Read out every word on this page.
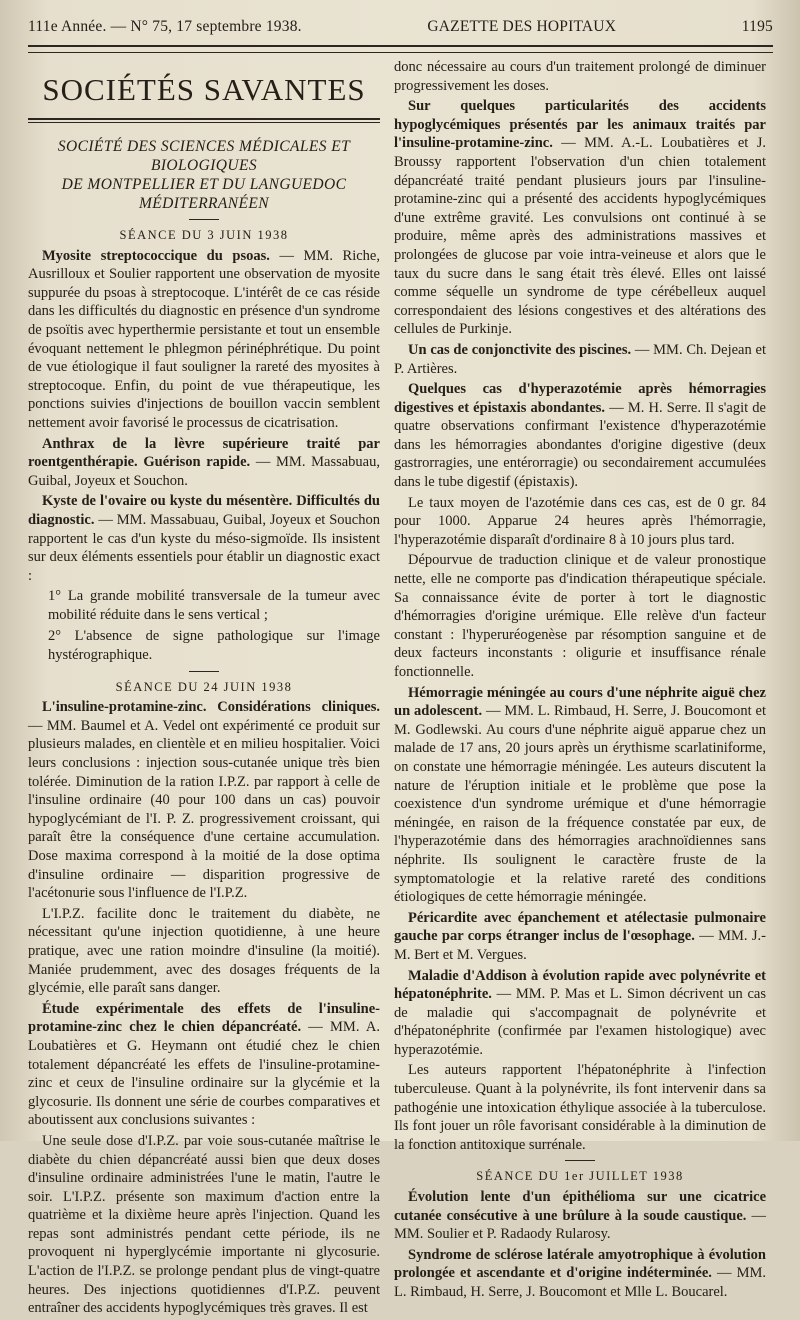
111e Année. — N° 75, 17 septembre 1938.	GAZETTE DES HOPITAUX	1195
SOCIÉTÉS SAVANTES
SOCIÉTÉ DES SCIENCES MÉDICALES ET BIOLOGIQUES
DE MONTPELLIER ET DU LANGUEDOC
MÉDITERRANÉEN

SÉANCE DU 3 JUIN 1938

Myosite streptococcique du psoas. — MM. Riche, Ausrilloux et Soulier rapportent une observation de myosite suppurée du psoas à streptocoque. L'intérêt de ce cas réside dans les difficultés du diagnostic en présence d'un syndrome de psoïtis avec hyperthermie persistante et tout un ensemble évoquant nettement le phlegmon périnéphrétique. Du point de vue étiologique il faut souligner la rareté des myosites à streptocoque. Enfin, du point de vue thérapeutique, les ponctions suivies d'injections de bouillon vaccin semblent nettement avoir favorisé le processus de cicatrisation.

Anthrax de la lèvre supérieure traité par roentgenthérapie. Guérison rapide. — MM. Massabuau, Guibal, Joyeux et Souchon.

Kyste de l'ovaire ou kyste du mésentère. Difficultés du diagnostic. — MM. Massabuau, Guibal, Joyeux et Souchon rapportent le cas d'un kyste du méso-sigmoïde. Ils insistent sur deux éléments essentiels pour établir un diagnostic exact :

1° La grande mobilité transversale de la tumeur avec mobilité réduite dans le sens vertical ;

2° L'absence de signe pathologique sur l'image hystérographique.

SÉANCE DU 24 JUIN 1938

L'insuline-protamine-zinc. Considérations cliniques. — MM. Baumel et A. Vedel ont expérimenté ce produit sur plusieurs malades, en clientèle et en milieu hospitalier. Voici leurs conclusions : injection sous-cutanée unique très bien tolérée. Diminution de la ration I.P.Z. par rapport à celle de l'insuline ordinaire (40 pour 100 dans un cas) pouvoir hypoglycémiant de l'I. P. Z. progressivement croissant, qui paraît être la conséquence d'une certaine accumulation. Dose maxima correspond à la moitié de la dose optima d'insuline ordinaire — disparition progressive de l'acétonurie sous l'influence de l'I.P.Z.

L'I.P.Z. facilite donc le traitement du diabète, ne nécessitant qu'une injection quotidienne, à une heure pratique, avec une ration moindre d'insuline (la moitié). Maniée prudemment, avec des dosages fréquents de la glycémie, elle paraît sans danger.

Étude expérimentale des effets de l'insuline-protamine-zinc chez le chien dépancréaté. — MM. A. Loubatières et G. Heymann ont étudié chez le chien totalement dépancréaté les effets de l'insuline-protamine-zinc et ceux de l'insuline ordinaire sur la glycémie et la glycosurie. Ils donnent une série de courbes comparatives et aboutissent aux conclusions suivantes :

Une seule dose d'I.P.Z. par voie sous-cutanée maîtrise le diabète du chien dépancréaté aussi bien que deux doses d'insuline ordinaire administrées l'une le matin, l'autre le soir. L'I.P.Z. présente son maximum d'action entre la quatrième et la dixième heure après l'injection. Quand les repas sont administrés pendant cette période, ils ne provoquent ni hyperglycémie importante ni glycosurie. L'action de l'I.P.Z. se prolonge pendant plus de vingt-quatre heures. Des injections quotidiennes d'I.P.Z. peuvent entraîner des accidents hypoglycémiques très graves. Il est

donc nécessaire au cours d'un traitement prolongé de diminuer progressivement les doses.

Sur quelques particularités des accidents hypoglycémiques présentés par les animaux traités par l'insuline-protamine-zinc. — MM. A.-L. Loubatières et J. Broussy rapportent l'observation d'un chien totalement dépancréaté traité pendant plusieurs jours par l'insuline-protamine-zinc qui a présenté des accidents hypoglycémiques d'une extrême gravité. Les convulsions ont continué à se produire, même après des administrations massives et prolongées de glucose par voie intra-veineuse et alors que le taux du sucre dans le sang était très élevé. Elles ont laissé comme séquelle un syndrome de type cérébelleux auquel correspondaient des lésions congestives et des altérations des cellules de Purkinje.

Un cas de conjonctivite des piscines. — MM. Ch. Dejean et P. Artières.

Quelques cas d'hyperazotémie après hémorragies digestives et épistaxis abondantes. — M. H. Serre. Il s'agit de quatre observations confirmant l'existence d'hyperazotémie dans les hémorragies abondantes d'origine digestive (deux gastrorragies, une entérorragie) ou secondairement accumulées dans le tube digestif (épistaxis).

Le taux moyen de l'azotémie dans ces cas, est de 0 gr. 84 pour 1000. Apparue 24 heures après l'hémorragie, l'hyperazotémie disparaît d'ordinaire 8 à 10 jours plus tard.

Dépourvue de traduction clinique et de valeur pronostique nette, elle ne comporte pas d'indication thérapeutique spéciale. Sa connaissance évite de porter à tort le diagnostic d'hémorragies d'origine urémique. Elle relève d'un facteur constant : l'hyperuréogenèse par résomption sanguine et de deux facteurs inconstants : oligurie et insuffisance rénale fonctionnelle.

Hémorragie méningée au cours d'une néphrite aiguë chez un adolescent. — MM. L. Rimbaud, H. Serre, J. Boucomont et M. Godlewski. Au cours d'une néphrite aiguë apparue chez un malade de 17 ans, 20 jours après un érythisme scarlatiniforme, on constate une hémorragie méningée. Les auteurs discutent la nature de l'éruption initiale et le problème que pose la coexistence d'un syndrome urémique et d'une hémorragie méningée, en raison de la fréquence constatée par eux, de l'hyperazotémie dans des hémorragies arachnoïdiennes sans néphrite. Ils soulignent le caractère fruste de la symptomatologie et la relative rareté des conditions étiologiques de cette hémorragie méningée.

Péricardite avec épanchement et atélectasie pulmonaire gauche par corps étranger inclus de l'œsophage. — MM. J.-M. Bert et M. Vergues.

Maladie d'Addison à évolution rapide avec polynévrite et hépatonéphrite. — MM. P. Mas et L. Simon décrivent un cas de maladie qui s'accompagnait de polynévrite et d'hépatonéphrite (confirmée par l'examen histologique) avec hyperazotémie.

Les auteurs rapportent l'hépatonéphrite à l'infection tuberculeuse. Quant à la polynévrite, ils font intervenir dans sa pathogénie une intoxication éthylique associée à la tuberculose. Ils font jouer un rôle favorisant considérable à la diminution de la fonction antitoxique surrénale.

SÉANCE DU 1er JUILLET 1938

Évolution lente d'un épithélioma sur une cicatrice cutanée consécutive à une brûlure à la soude caustique. — MM. Soulier et P. Radaody Rularosy.

Syndrome de sclérose latérale amyotrophique à évolution prolongée et ascendante et d'origine indéterminée. — MM. L. Rimbaud, H. Serre, J. Boucomont et Mlle L. Boucarel.
